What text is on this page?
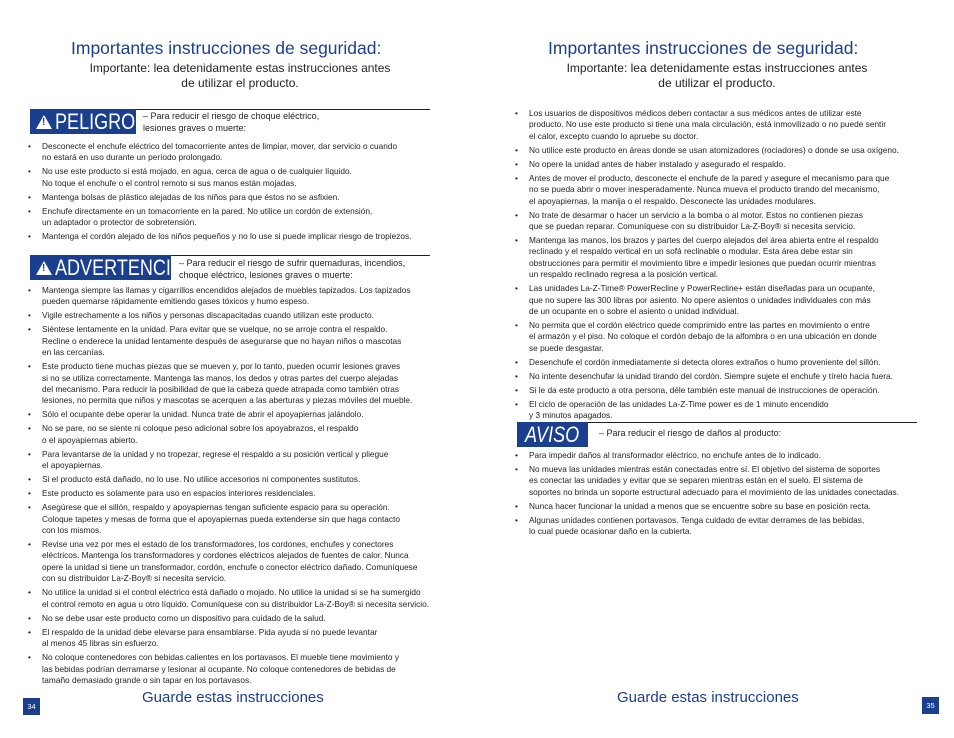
Importantes instrucciones de seguridad:
Importante: lea detenidamente estas instrucciones antes
de utilizar el producto.
! PELIGRO – Para reducir el riesgo de choque eléctrico,
lesiones graves o muerte:
• Desconecte el enchufe eléctrico del tomacorriente antes de limpiar, mover, dar servicio o cuando
no estará en uso durante un período prolongado.
• No use este producto si está mojado, en agua, cerca de agua o de cualquier líquido.
No toque el enchufe o el control remoto si sus manos están mojadas.
• Mantenga bolsas de plástico alejadas de los niños para que éstos no se asfixien.
• Enchufe directamente en un tomacorriente en la pared. No utilice un cordón de extensión,
un adaptador o protector de sobretensión.
• Mantenga el cordón alejado de los niños pequeños y no lo use si puede implicar riesgo de tropiezos.
! ADVERTENCIA
– Para reducir el riesgo de sufrir quemaduras, incendios,
choque eléctrico, lesiones graves o muerte:
• Mantenga siempre las llamas y cigarrillos encendidos alejados de muebles tapizados. Los tapizados
pueden quemarse rápidamente emitiendo gases tóxicos y humo espeso.
• Vigile estrechamente a los niños y personas discapacitadas cuando utilizan este producto.
• Siéntese lentamente en la unidad. Para evitar que se vuelque, no se arroje contra el respaldo.
Recline o enderece la unidad lentamente después de asegurarse que no hayan niños o mascotas
en las cercanías.
• Este producto tiene muchas piezas que se mueven y, por lo tanto, pueden ocurrir lesiones graves
si no se utiliza correctamente. Mantenga las manos, los dedos y otras partes del cuerpo alejadas
del mecanismo. Para reducir la posibilidad de que la cabeza quede atrapada como también otras
lesiones, no permita que niños y mascotas se acerquen a las aberturas y piezas móviles del mueble.
• Sólo el ocupante debe operar la unidad. Nunca trate de abrir el apoyapiernas jalándolo.
• No se pare, no se siente ni coloque peso adicional sobre los apoyabrazos, el respaldo
o el apoyapiernas abierto.
• Para levantarse de la unidad y no tropezar, regrese el respaldo a su posición vertical y pliegue
el apoyapiernas.
• Si el producto está dañado, no lo use. No utilice accesorios ni componentes sustitutos.
• Este producto es solamente para uso en espacios interiores residenciales.
• Asegúrese que el sillón, respaldo y apoyapiernas tengan suficiente espacio para su operación.
Coloque tapetes y mesas de forma que el apoyapiernas pueda extenderse sin que haga contacto
con los mismos.
• Revise una vez por mes el estado de los transformadores, los cordones, enchufes y conectores
eléctricos. Mantenga los transformadores y cordones eléctricos alejados de fuentes de calor. Nunca
opere la unidad si tiene un transformador, cordón, enchufe o conector eléctrico dañado. Comuníquese
con su distribuidor La-Z-Boy® si necesita servicio.
• No utilice la unidad si el control eléctrico está dañado o mojado. No utilice la unidad si se ha sumergido
el control remoto en agua u otro líquido. Comuníquese con su distribuidor La-Z-Boy® si necesita servicio.
• No se debe usar este producto como un dispositivo para cuidado de la salud.
• El respaldo de la unidad debe elevarse para ensamblarse. Pida ayuda si no puede levantar
al menos 45 libras sin esfuerzo.
• No coloque contenedores con bebidas calientes en los portavasos. El mueble tiene movimiento y
las bebidas podrían derramarse y lesionar al ocupante. No coloque contenedores de bebidas de
tamaño demasiado grande o sin tapar en los portavasos.
34
Guarde estas instrucciones
Importantes instrucciones de seguridad:
Importante: lea detenidamente estas instrucciones antes
de utilizar el producto.
• Los usuarios de dispositivos médicos deben contactar a sus médicos antes de utilizar este
producto. No use este producto si tiene una mala circulación, está inmovilizado o no puede sentir
el calor, excepto cuando lo apruebe su doctor.
• No utilice este producto en áreas donde se usan atomizadores (rociadores) o donde se usa oxígeno.
• No opere la unidad antes de haber instalado y asegurado el respaldo.
• Antes de mover el producto, desconecte el enchufe de la pared y asegure el mecanismo para que
no se pueda abrir o mover inesperadamente. Nunca mueva el producto tirando del mecanismo,
el apoyapiernas, la manija o el respaldo. Desconecte las unidades modulares.
• No trate de desarmar o hacer un servicio a la bomba o al motor. Estos no contienen piezas
que se puedan reparar. Comuníquese con su distribuidor La-Z-Boy® si necesita servicio.
• Mantenga las manos, los brazos y partes del cuerpo alejados del área abierta entre el respaldo
reclinado y el respaldo vertical en un sofá reclinable o modular. Esta área debe estar sin
obstrucciones para permitir el movimiento libre e impedir lesiones que puedan ocurrir mientras
un respaldo reclinado regresa a la posición vertical.
• Las unidades La-Z-Time® PowerRecline y PowerRecline+ están diseñadas para un ocupante,
que no supere las 300 libras por asiento. No opere asientos o unidades individuales con más
de un ocupante en o sobre el asiento o unidad individual.
• No permita que el cordón eléctrico quede comprimido entre las partes en movimiento o entre
el armazón y el piso. No coloque el cordón debajo de la alfombra o en una ubicación en donde
se puede desgastar.
• Desenchufe el cordón inmediatamente si detecta olores extraños o humo proveniente del sillón.
• No intente desenchufar la unidad tirando del cordón. Siempre sujete el enchufe y tírelo hacia fuera.
• Si le da este producto a otra persona, déle también este manual de instrucciones de operación.
• El ciclo de operación de las unidades La-Z-Time power es de 1 minuto encendido
y 3 minutos apagados.
AVISO – Para reducir el riesgo de daños al producto:
• Para impedir daños al transformador eléctrico, no enchufe antes de lo indicado.
• No mueva las unidades mientras están conectadas entre sí. El objetivo del sistema de soportes
es conectar las unidades y evitar que se separen mientras están en el suelo. El sistema de
soportes no brinda un soporte estructural adecuado para el movimiento de las unidades conectadas.
• Nunca hacer funcionar la unidad a menos que se encuentre sobre su base en posición recta.
• Algunas unidades contienen portavasos. Tenga cuidado de evitar derrames de las bebidas,
lo cual puede ocasionar daño en la cubierta.
Guarde estas instrucciones	35
